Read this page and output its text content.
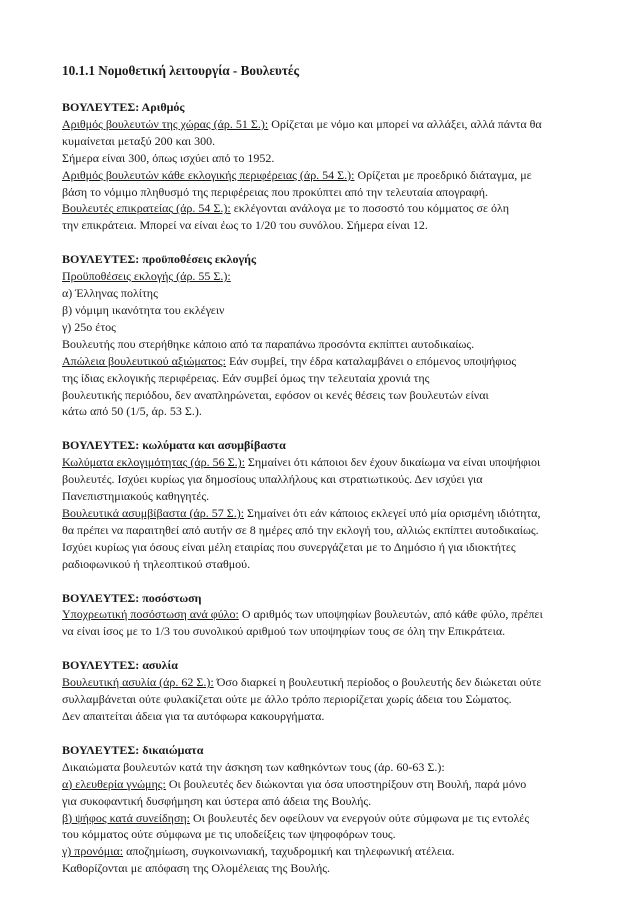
10.1.1 Νομοθετική λειτουργία - Βουλευτές
ΒΟΥΛΕΥΤΕΣ: Αριθμός
Αριθμός βουλευτών της χώρας (άρ. 51 Σ.): Ορίζεται με νόμο και μπορεί να αλλάξει, αλλά πάντα θα
κυμαίνεται μεταξύ 200 και 300.
Σήμερα είναι 300, όπως ισχύει από το 1952.
Αριθμός βουλευτών κάθε εκλογικής περιφέρειας (άρ. 54 Σ.): Ορίζεται με προεδρικό διάταγμα, με
βάση το νόμιμο πληθυσμό της περιφέρειας που προκύπτει από την τελευταία απογραφή.
Βουλευτές επικρατείας (άρ. 54 Σ.): εκλέγονται ανάλογα με το ποσοστό του κόμματος σε όλη
την επικράτεια. Μπορεί να είναι έως το 1/20 του συνόλου. Σήμερα είναι 12.
ΒΟΥΛΕΥΤΕΣ: προϋποθέσεις εκλογής
Προϋποθέσεις εκλογής (άρ. 55 Σ.):
α) Έλληνας πολίτης
β) νόμιμη ικανότητα του εκλέγειν
γ) 25ο έτος
Βουλευτής που στερήθηκε κάποιο από τα παραπάνω προσόντα εκπίπτει αυτοδικαίως.
Απώλεια βουλευτικού αξιώματος: Εάν συμβεί, την έδρα καταλαμβάνει ο επόμενος υποψήφιος
της ίδιας εκλογικής περιφέρειας. Εάν συμβεί όμως την τελευταία χρονιά της
βουλευτικής περιόδου, δεν αναπληρώνεται, εφόσον οι κενές θέσεις των βουλευτών είναι
κάτω από 50 (1/5, άρ. 53 Σ.).
ΒΟΥΛΕΥΤΕΣ: κωλύματα και ασυμβίβαστα
Κωλύματα εκλογιμότητας (άρ. 56 Σ.): Σημαίνει ότι κάποιοι δεν έχουν δικαίωμα να είναι υποψήφιοι
βουλευτές. Ισχύει κυρίως για δημοσίους υπαλλήλους και στρατιωτικούς. Δεν ισχύει για
Πανεπιστημιακούς καθηγητές.
Βουλευτικά ασυμβίβαστα (άρ. 57 Σ.): Σημαίνει ότι εάν κάποιος εκλεγεί υπό μία ορισμένη ιδιότητα,
θα πρέπει να παραιτηθεί από αυτήν σε 8 ημέρες από την εκλογή του, αλλιώς εκπίπτει αυτοδικαίως.
Ισχύει κυρίως για όσους είναι μέλη εταιρίας που συνεργάζεται με το Δημόσιο ή για ιδιοκτήτες
ραδιοφωνικού ή τηλεοπτικού σταθμού.
ΒΟΥΛΕΥΤΕΣ: ποσόστωση
Υποχρεωτική ποσόστωση ανά φύλο: Ο αριθμός των υποψηφίων βουλευτών, από κάθε φύλο, πρέπει
να είναι ίσος με το 1/3 του συνολικού αριθμού των υποψηφίων τους σε όλη την Επικράτεια.
ΒΟΥΛΕΥΤΕΣ: ασυλία
Βουλευτική ασυλία (άρ. 62 Σ.): Όσο διαρκεί η βουλευτική περίοδος ο βουλευτής δεν διώκεται ούτε
συλλαμβάνεται ούτε φυλακίζεται ούτε με άλλο τρόπο περιορίζεται χωρίς άδεια του Σώματος.
Δεν απαιτείται άδεια για τα αυτόφωρα κακουργήματα.
ΒΟΥΛΕΥΤΕΣ: δικαιώματα
Δικαιώματα βουλευτών κατά την άσκηση των καθηκόντων τους (άρ. 60-63 Σ.):
α) ελευθερία γνώμης: Οι βουλευτές δεν διώκονται για όσα υποστηρίξουν στη Βουλή, παρά μόνο
για συκοφαντική δυσφήμηση και ύστερα από άδεια της Βουλής.
β) ψήφος κατά συνείδηση: Οι βουλευτές δεν οφείλουν να ενεργούν ούτε σύμφωνα με τις εντολές
του κόμματος ούτε σύμφωνα με τις υποδείξεις των ψηφοφόρων τους.
γ) προνόμια: αποζημίωση, συγκοινωνιακή, ταχυδρομική και τηλεφωνική ατέλεια.
Καθορίζονται με απόφαση της Ολομέλειας της Βουλής.
